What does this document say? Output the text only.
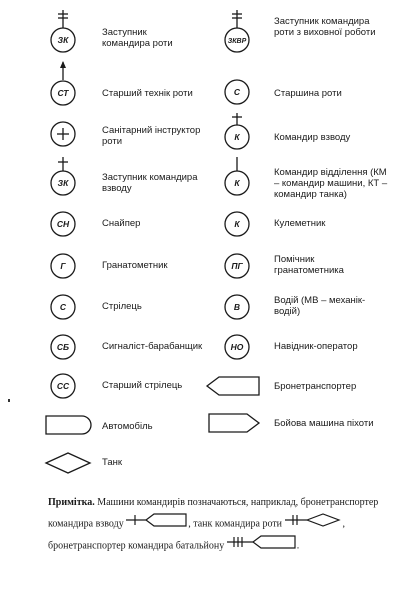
ЗК
Заступник командира роти
СТ	Старший технік роти
Санітарний інструктор роти
ЗК	Заступник командира взводу
СН	Снайпер
Г	Гранатометник
С	Стрілець
СБ	Сигналіст-барабанщик
СС	Старший стрілець
Автомобіль
Танк
ЗКВР
Заступник командира роти з виховної роботи
С	Старшина роти
К	Командир взводу
К
Командир відділення (КМ – командир машини, КТ – командир танка)
К	Кулеметник
ПГ
Помічник гранатометника
В
Водій (МВ – механік-водій)
НО	Навідник-оператор
Бронетранспортер
Бойова машина піхоти
Примітка. Машини командирів позначаються, наприклад, бронетранспортер командира взводу	, танк командира роти	, бронетранспортер командира батальйону	.
